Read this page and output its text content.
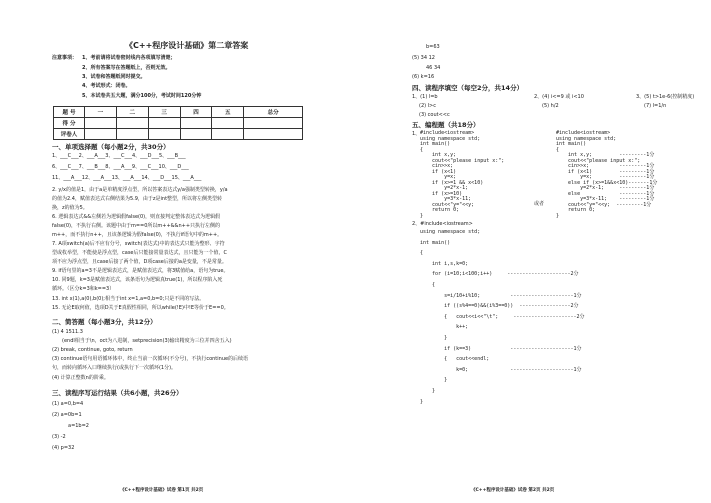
《C++程序设计基础》第二章答案
注意事项： 1、考前请将试卷密封线内各项填写清楚；
2、所有答案写在答题纸上，否则无效。
3、试卷和答题纸同时提交。
4、考试形式：闭卷。
5、本试卷共五大题，满分100分，考试时间120分钟
题 号	一	二	三	四	五	总分
得 分						
评卷人						
一、单项选择题（每小题2分，共30分）
1、___C___2、___A___3、___C___4、___D___5、___B___
6、___C___7、___B___8、___A___9、___C___10、___D___
11、___A___12、___A___13、___A___14、___D___15、___A___
2. y/x的值是1，由于a是单精度浮点型，所以答案表达式y/a强制类型转换，y/a
的值为2.4，赋值表达式右侧结果为5.9，由于z是int整型，所以将左侧类型转
换，z的值为5。
6. 逻辑表达式&&左侧若为逻辑假false(0)，则直接判定整体表达式为逻辑假
false(0)，不执行右侧。该题中由于m==0所以m++&&n++只执行左侧的
m++，而不执行n++，且该条逻辑为假false(0)，不执行if语句中的m++。
7. A项switch(a)后不应有分号，switch(表达式)中的表达式只能为整形、字符
型或枚举型，不能使是浮点型，case后只能接常量表达式，且只能为一个值，C
项不应为浮点型，且case后接了两个值，D项case后接的a是变量，不是常量。
9. if语句里的a=3不是逻辑表达式，是赋值表达式，将3赋值给a，语句为true。
10. 同9题，k=3是赋值表达式，该条语句为逻辑真true(1)，所以程序陷入死
循环。（区分k=3和k==3）
13. int x(1),a(0),b(0);相当于int x=1,a=0,b=0;只是不同的写法。
15. 无论E取何值，选项D关于E真假性相同，所以while(!E)中!E等价于E==0。
二、简答题（每小题3分，共12分）
(1) 4 1511.3
(endl相当于\n，oct为八进制，setprecision(3)输出精度为三位并四舍五入)
(2) break, continue, goto, return
(3) continue语句用语循环体中，终止当前一次循环(不分号)，不执行continue的后续语
句，而转向循环入口继续执行(或执行下一次循环(1分)。
(4) 计算正整数n的阶乘。
三、读程序写运行结果（共6小题，共26分）
(1) a=0,b=4
(2) a=0b=1
a=1b=2
(3) -2
(4) p=32
《C++程序设计基础》试卷 第1页 共2页
b=63
(5) 34 12
46 34
(6) k=16
四、读程序填空（每空2分，共14分）
1、(1) l=b	2、(4) i<=9 或 i<10	3、(5) t>1e-6(控制精度)
(2) l>c	(5) h/2	(7) l=1/n
(3) cout<<c
五、编程题（共18分）
1、 #include<iostream>
using namespace std;
int main()
{
int x,y;
cout<<"please input x:";
cin>>x;
if (x<1)
y=x;
if (x>=1 && x<10)
y=2*x-1;
if (x>=10)
y=3*x-11;
cout<<"y="<<y;
return 0;
}
或者
#include<iostream>
using namespace std;
int main()
{
int x,y;         ---------1分
cout<<"please input x:";
cin>>x;          ---------1分
if (x<1)         ---------1分
y=x;         ---------1分
else if (x>=1&&x<10)-------1分
y=2*x-1;     ---------1分
else             ---------1分
y=3*x-11;    ---------1分
cout<<"y="<<y;  ---------1分
return 0;
}
2、#include<iostream>
using namespace std;
int main()
{
int i,s,k=0;
for (i=10;i<100;i++)     ---------------------2分
{
s=i/10+i%10;          ---------------------1分
if ((s%4==0)&&(i%3==0))  -----------------2分
{   cout<<i<<"\t";     ---------------------2分
k++;
}
if (k==3)             ---------------------1分
{   cout<<endl;
k=0;              ---------------------1分
}
}
}
《C++程序设计基础》试卷 第2页 共2页
